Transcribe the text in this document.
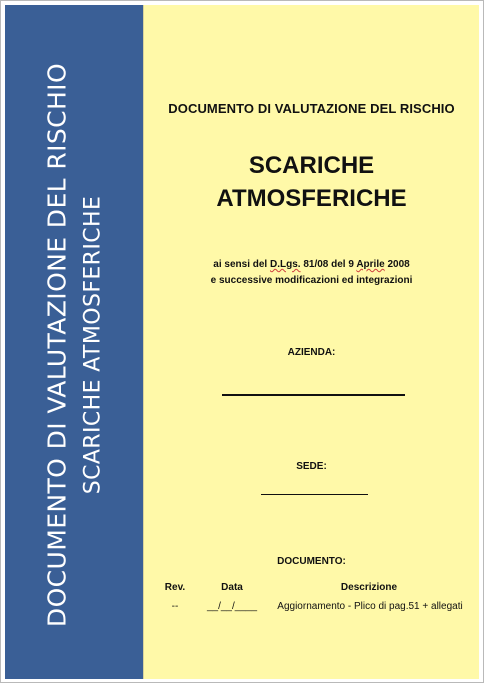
DOCUMENTO DI VALUTAZIONE DEL RISCHIO SCARICHE ATMOSFERICHE
DOCUMENTO DI VALUTAZIONE DEL RISCHIO
SCARICHE
ATMOSFERICHE
ai sensi del D.Lgs. 81/08 del 9 Aprile 2008
e successive modificazioni ed integrazioni
AZIENDA:
SEDE:
DOCUMENTO:
Rev.	Data	Descrizione
--	__/__/____	Aggiornamento - Plico di pag.51 + allegati
